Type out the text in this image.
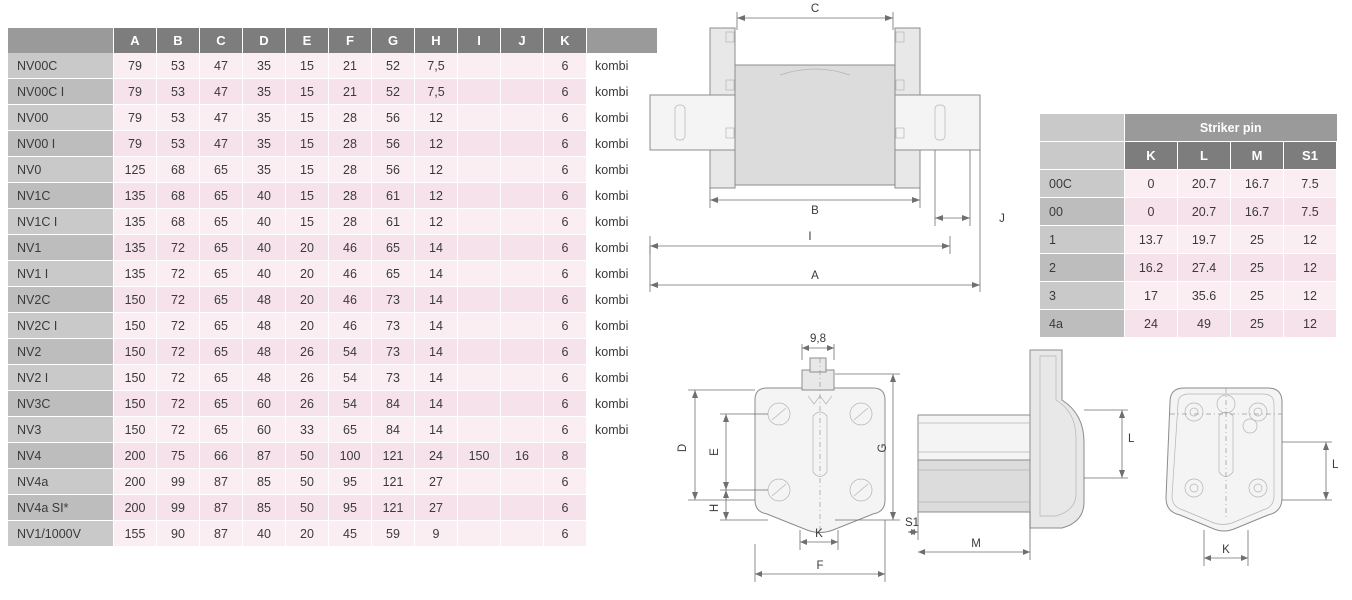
	A	B	C	D	E	F	G	H	I	J	K	
NV00C	79	53	47	35	15	21	52	7,5			6	kombi
NV00C I	79	53	47	35	15	21	52	7,5			6	kombi
NV00	79	53	47	35	15	28	56	12			6	kombi
NV00 I	79	53	47	35	15	28	56	12			6	kombi
NV0	125	68	65	35	15	28	56	12			6	kombi
NV1C	135	68	65	40	15	28	61	12			6	kombi
NV1C I	135	68	65	40	15	28	61	12			6	kombi
NV1	135	72	65	40	20	46	65	14			6	kombi
NV1 I	135	72	65	40	20	46	65	14			6	kombi
NV2C	150	72	65	48	20	46	73	14			6	kombi
NV2C I	150	72	65	48	20	46	73	14			6	kombi
NV2	150	72	65	48	26	54	73	14			6	kombi
NV2 I	150	72	65	48	26	54	73	14			6	kombi
NV3C	150	72	65	60	26	54	84	14			6	kombi
NV3	150	72	65	60	33	65	84	14			6	kombi
NV4	200	75	66	87	50	100	121	24	150	16	8	
NV4a	200	99	87	85	50	95	121	27			6	
NV4a SI*	200	99	87	85	50	95	121	27			6	
NV1/1000V	155	90	87	40	20	45	59	9			6	
	Striker pin			
	K	L	M	S1
00C	0	20.7	16.7	7.5
00	0	20.7	16.7	7.5
1	13.7	19.7	25	12
2	16.2	27.4	25	12
3	17	35.6	25	12
4a	24	49	25	12
C
B
I
A
J
9,8
D E
H
G
K
F
S1
M
L
L
K
